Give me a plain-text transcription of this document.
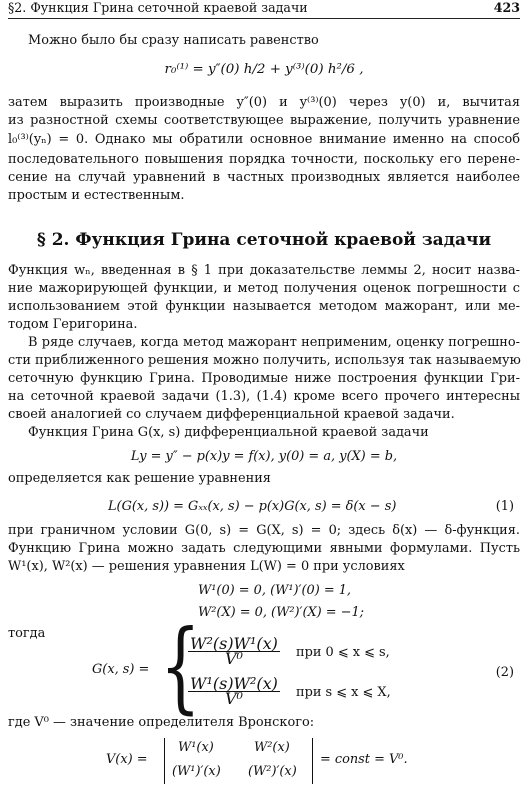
§2. Функция Грина сеточной краевой задачи	423
Можно было бы сразу написать равенство
r₀⁽¹⁾ = y″(0) h/2 + y⁽³⁾(0) h²/6 ,
затем выразить производные y″(0) и y⁽³⁾(0) через y(0) и, вычитая
из разностной схемы соответствующее выражение, получить уравнение
l₀⁽³⁾(yₙ) = 0. Однако мы обратили основное внимание именно на способ
последовательного повышения порядка точности, поскольку его перене-
сение на случай уравнений в частных производных является наиболее
простым и естественным.
§ 2. Функция Грина сеточной краевой задачи
Функция wₙ, введенная в § 1 при доказательстве леммы 2, носит назва-
ние мажорирующей функции, и метод получения оценок погрешности с
использованием этой функции называется методом мажорант, или ме-
тодом Геригорина.
В ряде случаев, когда метод мажорант неприменим, оценку погрешно-
сти приближенного решения можно получить, используя так называемую
сеточную функцию Грина. Проводимые ниже построения функции Гри-
на сеточной краевой задачи (1.3), (1.4) кроме всего прочего интересны
своей аналогией со случаем дифференциальной краевой задачи.
Функция Грина G(x, s) дифференциальной краевой задачи
Ly = y″ − p(x)y = f(x), y(0) = a, y(X) = b,
определяется как решение уравнения
L(G(x, s)) = Gₓₓ(x, s) − p(x)G(x, s) = δ(x − s)	(1)
при граничном условии G(0, s) = G(X, s) = 0; здесь δ(x) — δ-функция.
Функцию Грина можно задать следующими явными формулами. Пусть
W¹(x), W²(x) — решения уравнения L(W) = 0 при условиях
W¹(0) = 0, (W¹)′(0) = 1,
W²(X) = 0, (W²)′(X) = −1;
тогда
G(x, s) = {
$\frac{\text{W²(s)W¹(x)}}{\text{V⁰}}$ при 0 ⩽ x ⩽ s,
$\frac{\text{W¹(s)W²(x)}}{\text{V⁰}}$ при s ⩽ x ⩽ X,
(2)
где V⁰ — значение определителя Вронского:
V(x) =
W¹(x)	W²(x)
(W¹)′(x) (W²)′(x)
= const = V⁰.
